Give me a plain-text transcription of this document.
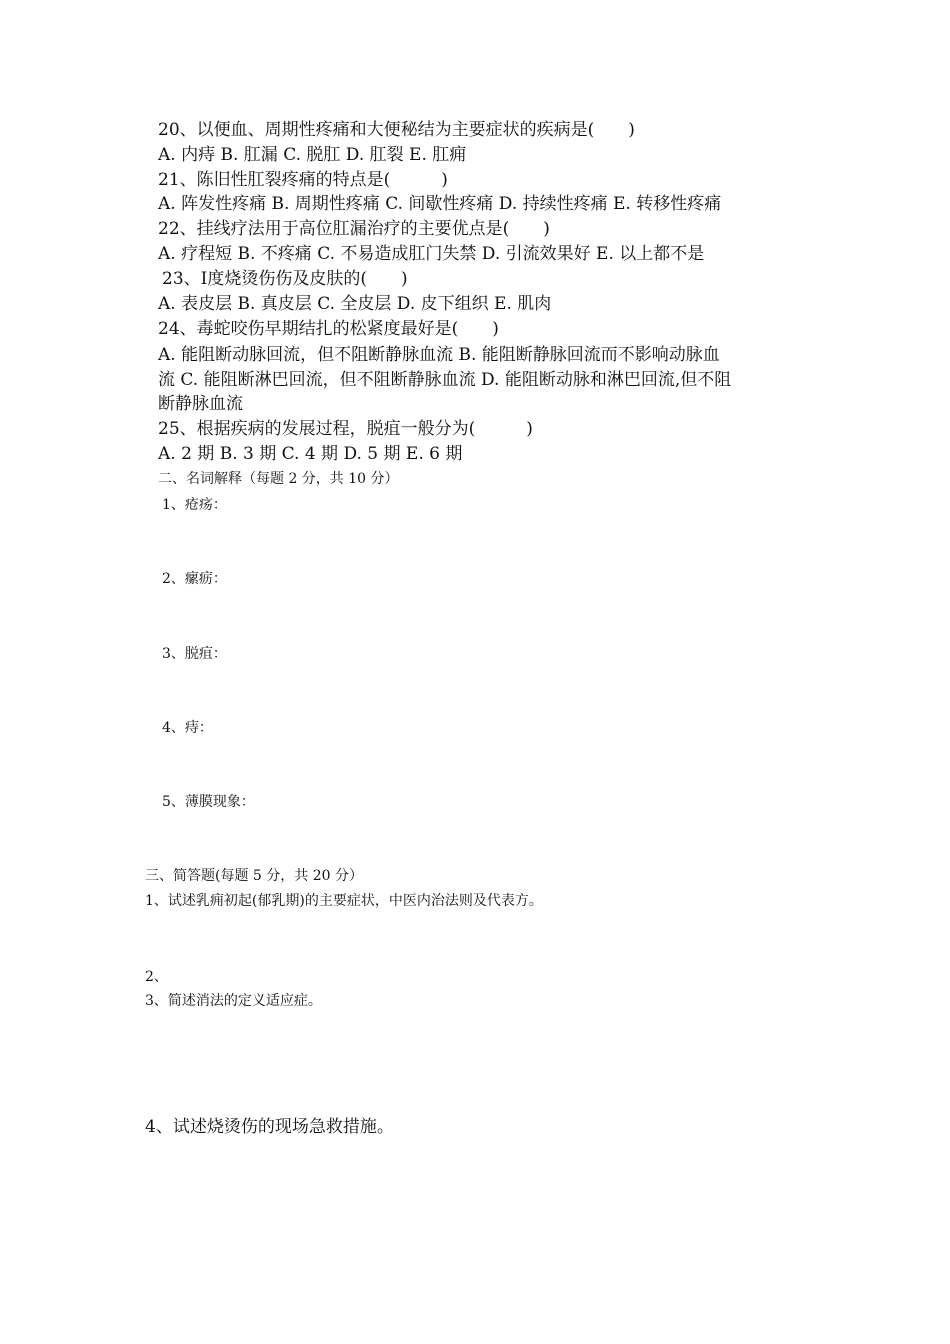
20、以便血、周期性疼痛和大便秘结为主要症状的疾病是(　　)
A. 内痔 B. 肛漏 C. 脱肛 D. 肛裂 E. 肛痈
21、陈旧性肛裂疼痛的特点是(　　　)
A. 阵发性疼痛 B. 周期性疼痛 C. 间歇性疼痛 D. 持续性疼痛 E. 转移性疼痛
22、挂线疗法用于高位肛漏治疗的主要优点是(　　)
A. 疗程短 B. 不疼痛 C. 不易造成肛门失禁 D. 引流效果好 E. 以上都不是
23、Ⅰ度烧烫伤伤及皮肤的(　　)
A. 表皮层 B. 真皮层 C. 全皮层 D. 皮下组织 E. 肌肉
24、毒蛇咬伤早期结扎的松紧度最好是(　　)
A. 能阻断动脉回流，但不阻断静脉血流 B. 能阻断静脉回流而不影响动脉血
流 C. 能阻断淋巴回流，但不阻断静脉血流 D. 能阻断动脉和淋巴回流,但不阻
断静脉血流
25、根据疾病的发展过程，脱疽一般分为(　　　)
A. 2 期 B. 3 期 C. 4 期 D. 5 期 E. 6 期
二、名词解释（每题 2 分，共 10 分）
1、疮疡：
2、瘰疬：
3、脱疽：
4、痔：
5、薄膜现象：
三、简答题(每题 5 分，共 20 分）
1、试述乳痈初起(郁乳期)的主要症状，中医内治法则及代表方。
2、
3、简述消法的定义适应症。
4、试述烧烫伤的现场急救措施。
